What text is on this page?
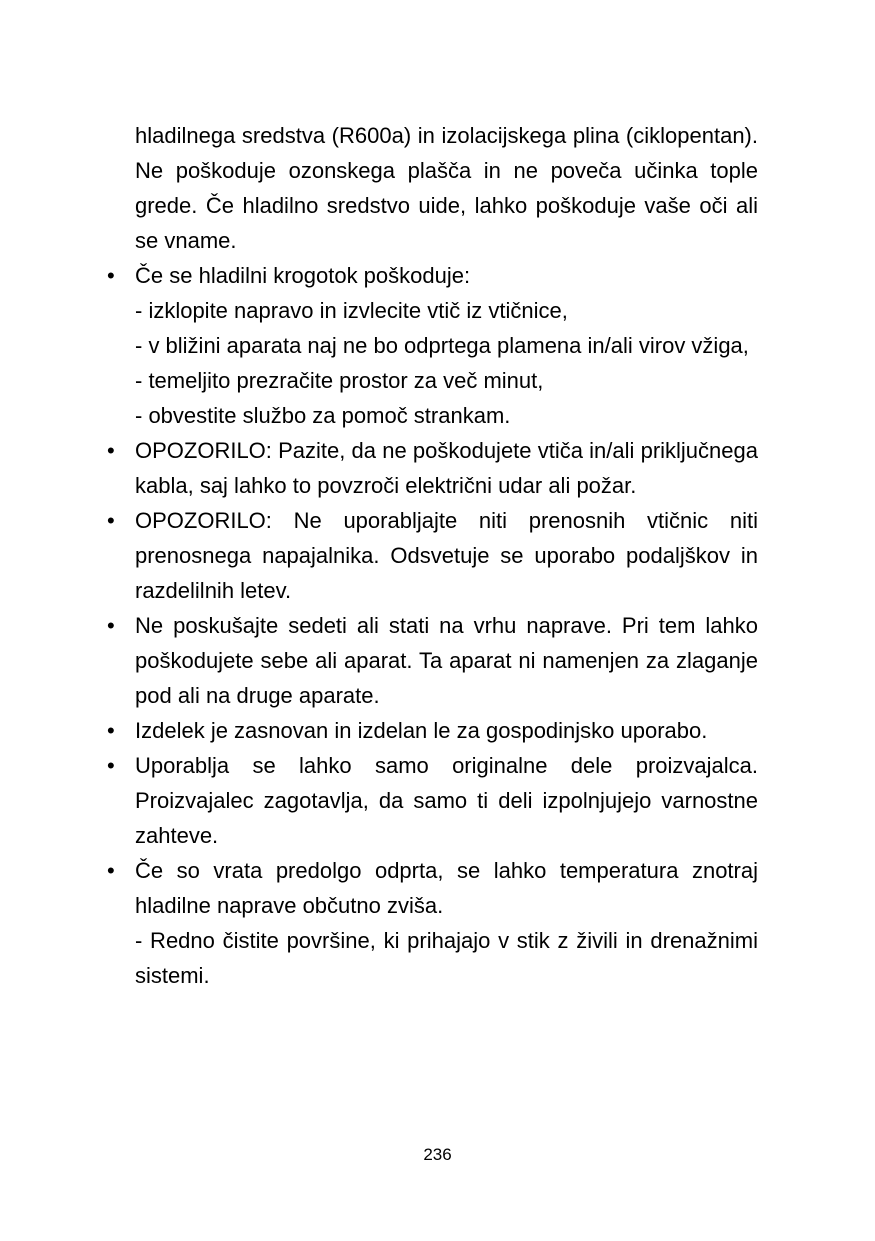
hladilnega sredstva (R600a) in izolacijskega plina (ciklopentan). Ne poškoduje ozonskega plašča in ne poveča učinka tople grede. Če hladilno sredstvo uide, lahko poškoduje vaše oči ali se vname.

• Če se hladilni krogotok poškoduje:
- izklopite napravo in izvlecite vtič iz vtičnice,
- v bližini aparata naj ne bo odprtega plamena in/ali virov vžiga,
- temeljito prezračite prostor za več minut,
- obvestite službo za pomoč strankam.
• OPOZORILO: Pazite, da ne poškodujete vtiča in/ali priključnega kabla, saj lahko to povzroči električni udar ali požar.
• OPOZORILO: Ne uporabljajte niti prenosnih vtičnic niti prenosnega napajalnika. Odsvetuje se uporabo podaljškov in razdelilnih letev.
• Ne poskušajte sedeti ali stati na vrhu naprave. Pri tem lahko poškodujete sebe ali aparat. Ta aparat ni namenjen za zlaganje pod ali na druge aparate.
• Izdelek je zasnovan in izdelan le za gospodinjsko uporabo.
• Uporablja se lahko samo originalne dele proizvajalca. Proizvajalec zagotavlja, da samo ti deli izpolnjujejo varnostne zahteve.
• Če so vrata predolgo odprta, se lahko temperatura znotraj hladilne naprave občutno zviša.
- Redno čistite površine, ki prihajajo v stik z živili in drenažnimi sistemi.
236
